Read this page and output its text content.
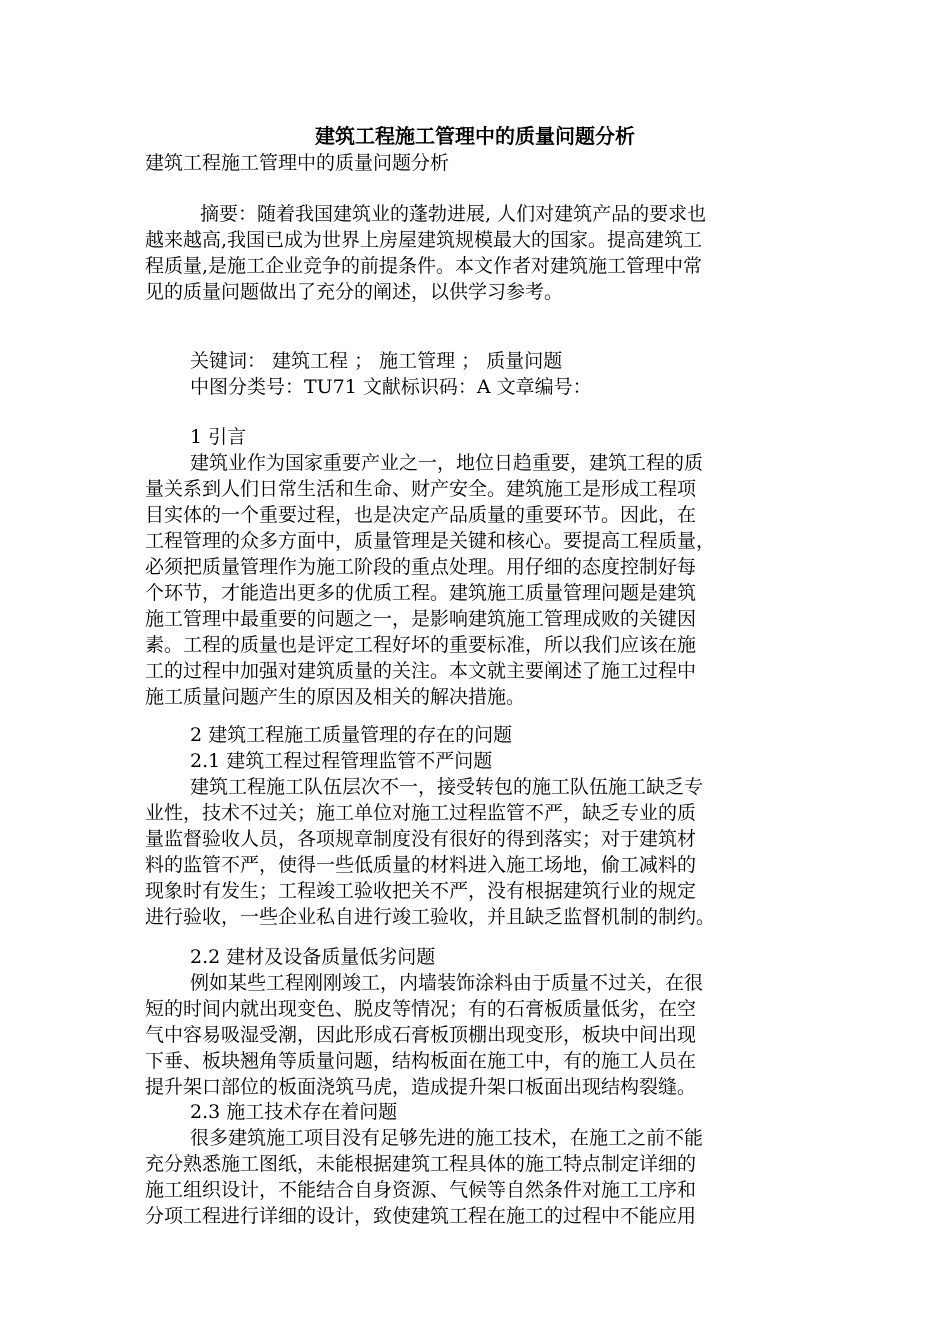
建筑工程施工管理中的质量问题分析
建筑工程施工管理中的质量问题分析
摘要：随着我国建筑业的蓬勃进展, 人们对建筑产品的要求也
越来越高,我国已成为世界上房屋建筑规模最大的国家。提高建筑工
程质量,是施工企业竞争的前提条件。本文作者对建筑施工管理中常
见的质量问题做出了充分的阐述，以供学习参考。
关键词： 建筑工程 ； 施工管理 ； 质量问题
中图分类号：TU71 文献标识码：A 文章编号：
1 引言
建筑业作为国家重要产业之一，地位日趋重要，建筑工程的质
量关系到人们日常生活和生命、财产安全。建筑施工是形成工程项
目实体的一个重要过程，也是决定产品质量的重要环节。因此，在
工程管理的众多方面中，质量管理是关键和核心。要提高工程质量，
必须把质量管理作为施工阶段的重点处理。用仔细的态度控制好每
个环节，才能造出更多的优质工程。建筑施工质量管理问题是建筑
施工管理中最重要的问题之一，是影响建筑施工管理成败的关键因
素。工程的质量也是评定工程好坏的重要标准，所以我们应该在施
工的过程中加强对建筑质量的关注。本文就主要阐述了施工过程中
施工质量问题产生的原因及相关的解决措施。
2 建筑工程施工质量管理的存在的问题
2.1 建筑工程过程管理监管不严问题
建筑工程施工队伍层次不一，接受转包的施工队伍施工缺乏专
业性，技术不过关；施工单位对施工过程监管不严，缺乏专业的质
量监督验收人员，各项规章制度没有很好的得到落实；对于建筑材
料的监管不严，使得一些低质量的材料进入施工场地，偷工减料的
现象时有发生；工程竣工验收把关不严，没有根据建筑行业的规定
进行验收，一些企业私自进行竣工验收，并且缺乏监督机制的制约。
2.2 建材及设备质量低劣问题
例如某些工程刚刚竣工，内墙装饰涂料由于质量不过关，在很
短的时间内就出现变色、脱皮等情况；有的石膏板质量低劣，在空
气中容易吸湿受潮，因此形成石膏板顶棚出现变形，板块中间出现
下垂、板块翘角等质量问题，结构板面在施工中，有的施工人员在
提升架口部位的板面浇筑马虎，造成提升架口板面出现结构裂缝。
2.3 施工技术存在着问题
很多建筑施工项目没有足够先进的施工技术，在施工之前不能
充分熟悉施工图纸，未能根据建筑工程具体的施工特点制定详细的
施工组织设计，不能结合自身资源、气候等自然条件对施工工序和
分项工程进行详细的设计，致使建筑工程在施工的过程中不能应用
